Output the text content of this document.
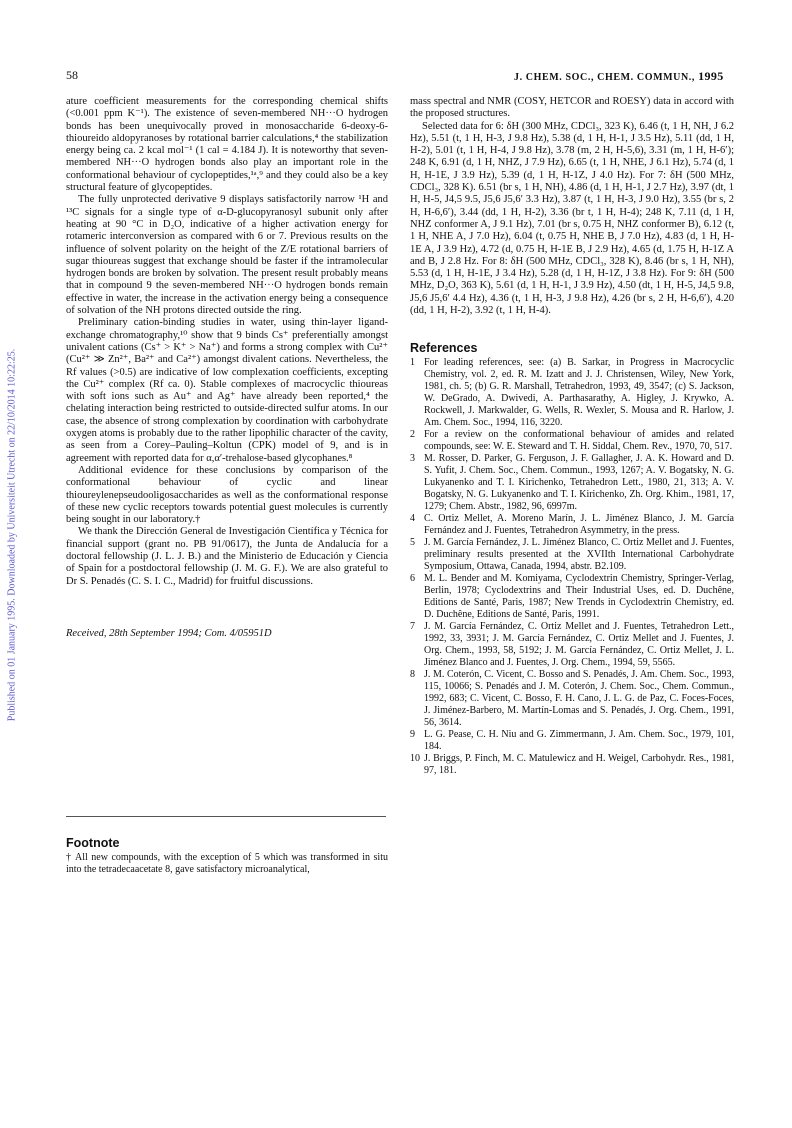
Published on 01 January 1995. Downloaded by Universiteit Utrecht on 22/10/2014 10:22:25.
58	J. CHEM. SOC., CHEM. COMMUN., 1995

ature coefficient measurements for the corresponding chemical shifts (<0.001 ppm K⁻¹). The existence of seven-membered NH···O hydrogen bonds has been unequivocally proved in monosaccharide 6-deoxy-6-thioureido aldopyranoses by rotational barrier calculations,⁴ the stabilization energy being ca. 2 kcal mol⁻¹ (1 cal = 4.184 J). It is noteworthy that seven-membered NH···O hydrogen bonds also play an important role in the conformational behaviour of cyclopeptides,¹ᵃ,⁹ and they could also be a key structural feature of glycopeptides.

The fully unprotected derivative 9 displays satisfactorily narrow ¹H and ¹³C signals for a single type of α-D-glucopyranosyl subunit only after heating at 90 °C in D₂O, indicative of a higher activation energy for rotameric interconversion as compared with 6 or 7. Previous results on the influence of solvent polarity on the height of the Z/E rotational barriers of sugar thioureas suggest that exchange should be faster if the intramolecular hydrogen bonds are broken by solvation. The present result probably means that in compound 9 the seven-membered NH···O hydrogen bonds remain effective in water, the increase in the activation energy being a consequence of solvation of the NH protons directed outside the ring.

Preliminary cation-binding studies in water, using thin-layer ligand-exchange chromatography,¹⁰ show that 9 binds Cs⁺ preferentially amongst univalent cations (Cs⁺ > K⁺ > Na⁺) and forms a strong complex with Cu²⁺ (Cu²⁺ ≫ Zn²⁺, Ba²⁺ and Ca²⁺) amongst divalent cations. Nevertheless, the Rf values (>0.5) are indicative of low complexation coefficients, excepting the Cu²⁺ complex (Rf ca. 0). Stable complexes of macrocyclic thioureas with soft ions such as Au⁺ and Ag⁺ have already been reported,⁴ the chelating interaction being restricted to outside-directed sulfur atoms. In our case, the absence of strong complexation by coordination with carbohydrate oxygen atoms is probably due to the rather lipophilic character of the cavity, as seen from a Corey–Pauling–Koltun (CPK) model of 9, and is in agreement with reported data for α,α′-trehalose-based glycophanes.⁸

Additional evidence for these conclusions by comparison of the conformational behaviour of cyclic and linear thioureylenepseudooligosaccharides as well as the conformational response of these new cyclic receptors towards potential guest molecules is currently being sought in our laboratory.†

We thank the Dirección General de Investigación Científica y Técnica for financial support (grant no. PB 91/0617), the Junta de Andalucía for a doctoral fellowship (J. L. J. B.) and the Ministerio de Educación y Ciencia of Spain for a postdoctoral fellowship (J. M. G. F.). We are also grateful to Dr S. Penadés (C. S. I. C., Madrid) for fruitful discussions.

Received, 28th September 1994; Com. 4/05951D
Footnote
† All new compounds, with the exception of 5 which was transformed in situ into the tetradecaacetate 8, gave satisfactory microanalytical,

mass spectral and NMR (COSY, HETCOR and ROESY) data in accord with the proposed structures.

Selected data for 6: δH (300 MHz, CDCl₃, 323 K), 6.46 (t, 1 H, NH, J 6.2 Hz), 5.51 (t, 1 H, H-3, J 9.8 Hz), 5.38 (d, 1 H, H-1, J 3.5 Hz), 5.11 (dd, 1 H, H-2), 5.01 (t, 1 H, H-4, J 9.8 Hz), 3.78 (m, 2 H, H-5,6), 3.31 (m, 1 H, H-6′); 248 K, 6.91 (d, 1 H, NHZ, J 7.9 Hz), 6.65 (t, 1 H, NHE, J 6.1 Hz), 5.74 (d, 1 H, H-1E, J 3.9 Hz), 5.39 (d, 1 H, H-1Z, J 4.0 Hz). For 7: δH (500 MHz, CDCl₃, 328 K). 6.51 (br s, 1 H, NH), 4.86 (d, 1 H, H-1, J 2.7 Hz), 3.97 (dt, 1 H, H-5, J4,5 9.5, J5,6 J5,6′ 3.3 Hz), 3.87 (t, 1 H, H-3, J 9.0 Hz), 3.55 (br s, 2 H, H-6,6′), 3.44 (dd, 1 H, H-2), 3.36 (br t, 1 H, H-4); 248 K, 7.11 (d, 1 H, NHZ conformer A, J 9.1 Hz), 7.01 (br s, 0.75 H, NHZ conformer B), 6.12 (t, 1 H, NHE A, J 7.0 Hz), 6.04 (t, 0.75 H, NHE B, J 7.0 Hz), 4.83 (d, 1 H, H-1E A, J 3.9 Hz), 4.72 (d, 0.75 H, H-1E B, J 2.9 Hz), 4.65 (d, 1.75 H, H-1Z A and B, J 2.8 Hz. For 8: δH (500 MHz, CDCl₃, 328 K), 8.46 (br s, 1 H, NH), 5.53 (d, 1 H, H-1E, J 3.4 Hz), 5.28 (d, 1 H, H-1Z, J 3.8 Hz). For 9: δH (500 MHz, D₂O, 363 K), 5.61 (d, 1 H, H-1, J 3.9 Hz), 4.50 (dt, 1 H, H-5, J4,5 9.8, J5,6 J5,6′ 4.4 Hz), 4.36 (t, 1 H, H-3, J 9.8 Hz), 4.26 (br s, 2 H, H-6,6′), 4.20 (dd, 1 H, H-2), 3.92 (t, 1 H, H-4).

References
1 For leading references, see: (a) B. Sarkar, in Progress in Macrocyclic Chemistry, vol. 2, ed. R. M. Izatt and J. J. Christensen, Wiley, New York, 1981, ch. 5; (b) G. R. Marshall, Tetrahedron, 1993, 49, 3547; (c) S. Jackson, W. DeGrado, A. Dwivedi, A. Parthasarathy, A. Higley, J. Krywko, A. Rockwell, J. Markwalder, G. Wells, R. Wexler, S. Mousa and R. Harlow, J. Am. Chem. Soc., 1994, 116, 3220.
2 For a review on the conformational behaviour of amides and related compounds, see: W. E. Steward and T. H. Siddal, Chem. Rev., 1970, 70, 517.
3 M. Rosser, D. Parker, G. Ferguson, J. F. Gallagher, J. A. K. Howard and D. S. Yufit, J. Chem. Soc., Chem. Commun., 1993, 1267; A. V. Bogatsky, N. G. Lukyanenko and T. I. Kirichenko, Tetrahedron Lett., 1980, 21, 313; A. V. Bogatsky, N. G. Lukyanenko and T. I. Kirichenko, Zh. Org. Khim., 1981, 17, 1279; Chem. Abstr., 1982, 96, 6997m.
4 C. Ortiz Mellet, A. Moreno Marín, J. L. Jiménez Blanco, J. M. García Fernández and J. Fuentes, Tetrahedron Asymmetry, in the press.
5 J. M. García Fernández, J. L. Jiménez Blanco, C. Ortiz Mellet and J. Fuentes, preliminary results presented at the XVIIth International Carbohydrate Symposium, Ottawa, Canada, 1994, abstr. B2.109.
6 M. L. Bender and M. Komiyama, Cyclodextrin Chemistry, Springer-Verlag, Berlin, 1978; Cyclodextrins and Their Industrial Uses, ed. D. Duchêne, Editions de Santé, Paris, 1987; New Trends in Cyclodextrin Chemistry, ed. D. Duchêne, Editions de Santé, Paris, 1991.
7 J. M. García Fernández, C. Ortiz Mellet and J. Fuentes, Tetrahedron Lett., 1992, 33, 3931; J. M. García Fernández, C. Ortiz Mellet and J. Fuentes, J. Org. Chem., 1993, 58, 5192; J. M. García Fernández, C. Ortiz Mellet, J. L. Jiménez Blanco and J. Fuentes, J. Org. Chem., 1994, 59, 5565.
8 J. M. Coterón, C. Vicent, C. Bosso and S. Penadés, J. Am. Chem. Soc., 1993, 115, 10066; S. Penadés and J. M. Coterón, J. Chem. Soc., Chem. Commun., 1992, 683; C. Vicent, C. Bosso, F. H. Cano, J. L. G. de Paz, C. Foces-Foces, J. Jiménez-Barbero, M. Martín-Lomas and S. Penadés, J. Org. Chem., 1991, 56, 3614.
9 L. G. Pease, C. H. Niu and G. Zimmermann, J. Am. Chem. Soc., 1979, 101, 184.
10 J. Briggs, P. Finch, M. C. Matulewicz and H. Weigel, Carbohydr. Res., 1981, 97, 181.
